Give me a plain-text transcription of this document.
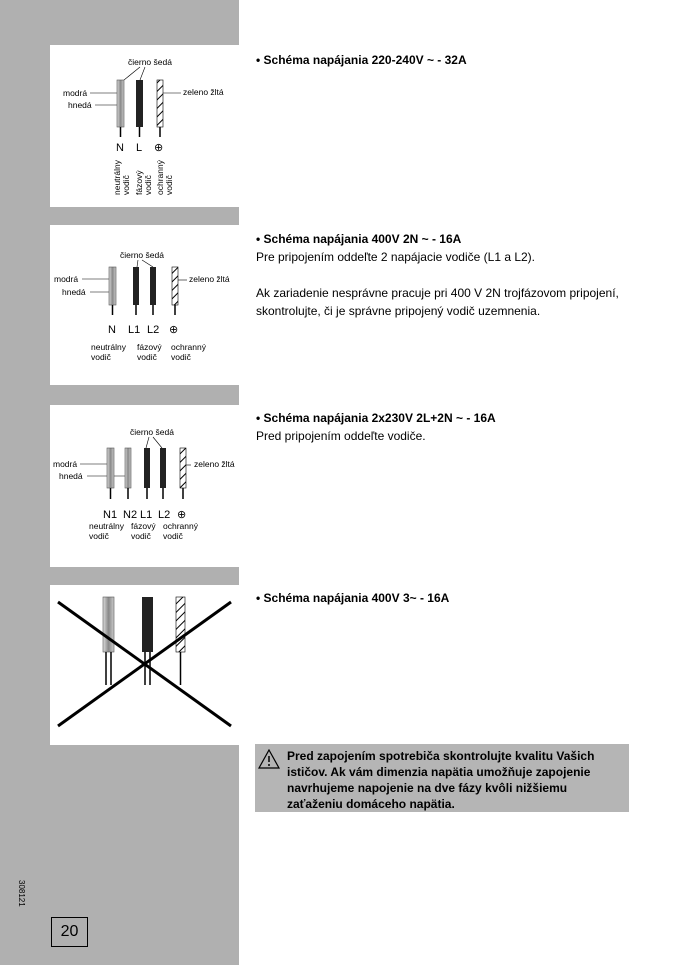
čierno šedá
modrá
hnedá
zeleno žltá
N L ⊕
neutrálny vodič fázový vodič ochranný vodič
čierno šedá
modrá
hnedá
zeleno žltá
N L1 L2 ⊕
neutrálny
vodič
fázový
vodič
ochranný
vodič
čierno šedá
modrá
hnedá
zeleno žltá
N1 N2 L1 L2 ⊕
neutrálny
vodič
fázový
vodič
ochranný
vodič
• Schéma napájania 220-240V ~ - 32A
• Schéma napájania 400V 2N ~ - 16A

Pre pripojením oddeľte 2 napájacie vodiče (L1 a L2).

Ak zariadenie nesprávne pracuje pri 400 V 2N trojfázovom pripojení, skontrolujte, či je správne pripojený vodič uzemnenia.

• Schéma napájania 2x230V 2L+2N ~ - 16A

Pred pripojením oddeľte vodiče.

• Schéma napájania 400V 3~ - 16A
Pred zapojením spotrebiča skontrolujte kvalitu Vašich ističov. Ak vám dimenzia napätia umožňuje zapojenie navrhujeme napojenie na dve fázy kvôli nižšiemu zaťaženiu domáceho napätia.
308121
20
